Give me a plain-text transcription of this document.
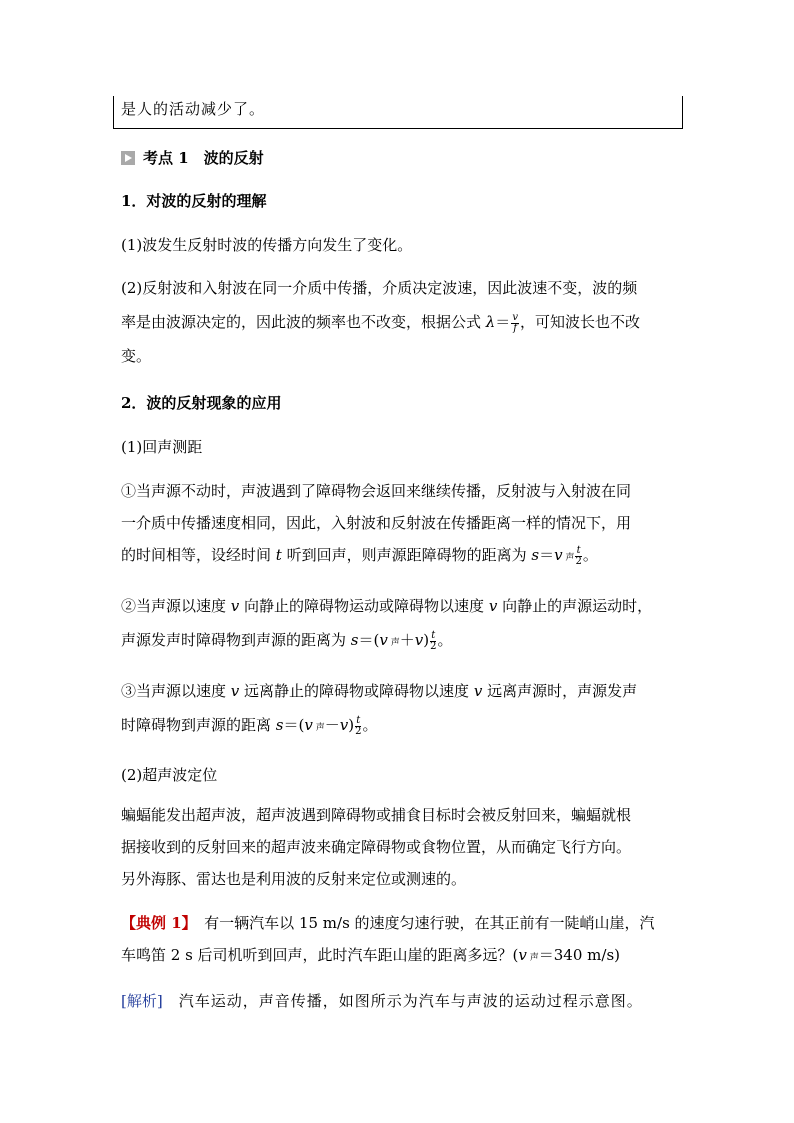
是人的活动减少了。
考点 1　波的反射
1．对波的反射的理解
(1)波发生反射时波的传播方向发生了变化。
(2)反射波和入射波在同一介质中传播，介质决定波速，因此波速不变，波的频
率是由波源决定的，因此波的频率也不改变，根据公式 $\lambda= \frac{v}{f}$ ，可知波长也不改
变。
2．波的反射现象的应用
(1)回声测距
①当声源不动时，声波遇到了障碍物会返回来继续传播，反射波与入射波在同
一介质中传播速度相同，因此，入射波和反射波在传播距离一样的情况下，用
的时间相等，设经时间 t 听到回声，则声源距障碍物的距离为 s＝v 声 $\frac{t}{2}$ 。
②当声源以速度 v 向静止的障碍物运动或障碍物以速度 v 向静止的声源运动时，
声源发声时障碍物到声源的距离为 s＝(v 声$+v) \frac{t}{2}$ 。
③当声源以速度 v 远离静止的障碍物或障碍物以速度 v 远离声源时，声源发声
时障碍物到声源的距离 s＝(v 声$-v) \frac{t}{2}$ 。
(2)超声波定位
蝙蝠能发出超声波，超声波遇到障碍物或捕食目标时会被反射回来，蝙蝠就根
据接收到的反射回来的超声波来确定障碍物或食物位置，从而确定飞行方向。
另外海豚、雷达也是利用波的反射来定位或测速的。
【典例 1】　有一辆汽车以 15 m/s 的速度匀速行驶，在其正前有一陡峭山崖，汽
车鸣笛 2 s 后司机听到回声，此时汽车距山崖的距离多远？(v 声＝340 m/s)
[解析]　汽车运动，声音传播，如图所示为汽车与声波的运动过程示意图。
